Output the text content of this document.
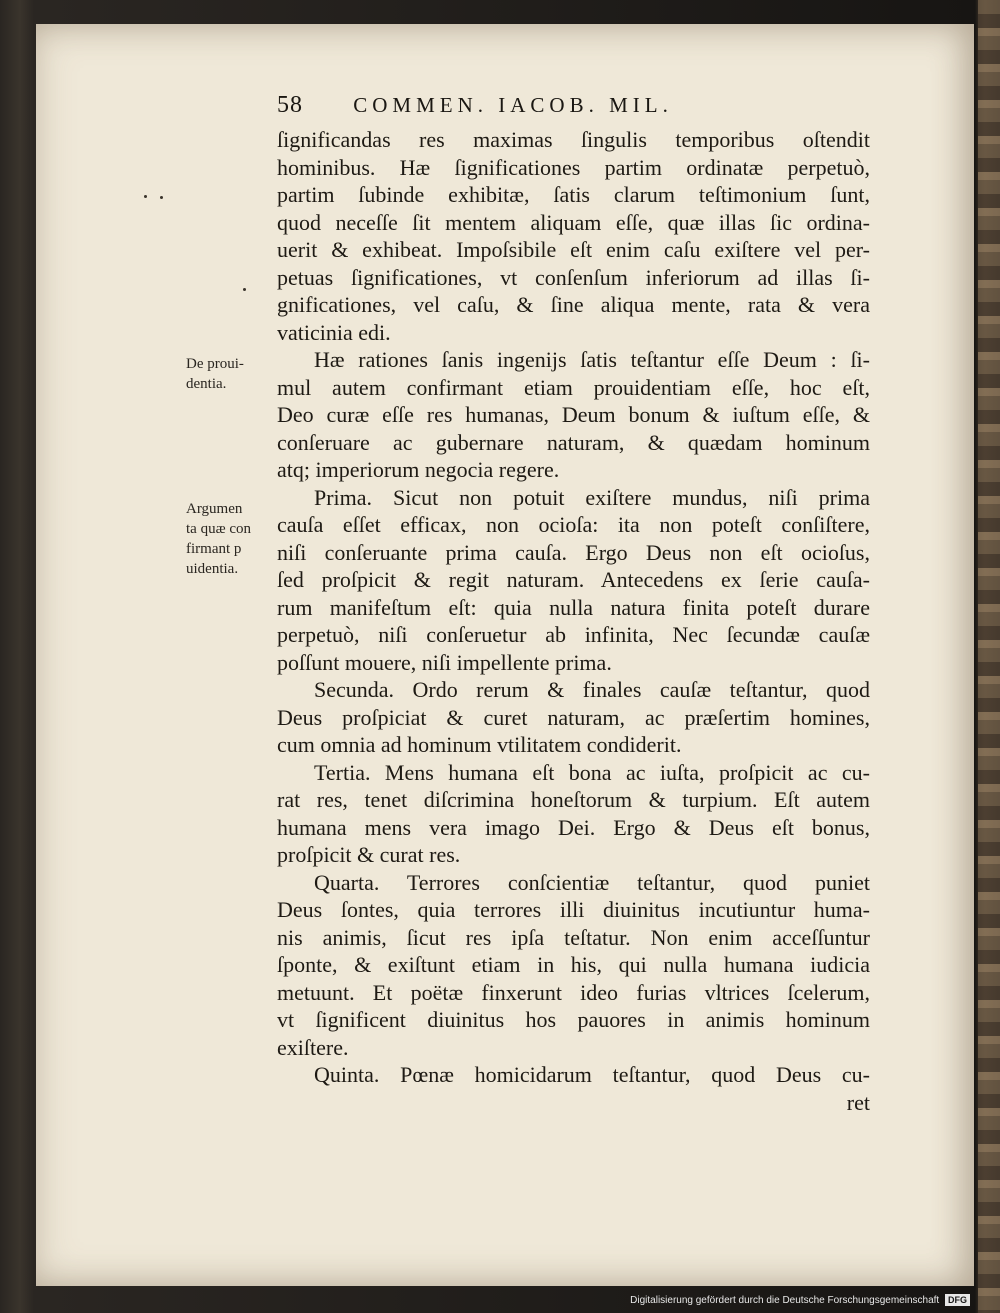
58 COMMEN. IACOB. MIL.
De proui-
dentia.
Argumen
ta quæ con
firmant p
uidentia.
ſignificandas res maximas ſingulis temporibus oſtendit
hominibus. Hæ ſignificationes partim ordinatæ perpetuò,
partim ſubinde exhibitæ, ſatis clarum teſtimonium ſunt,
quod neceſſe ſit mentem aliquam eſſe, quæ illas ſic ordina-
uerit & exhibeat. Impoſsibile eſt enim caſu exiſtere vel per-
petuas ſignificationes, vt conſenſum inferiorum ad illas ſi-
gnificationes, vel caſu, & ſine aliqua mente, rata & vera
vaticinia edi.
Hæ rationes ſanis ingenijs ſatis teſtantur eſſe Deum : ſi-
mul autem confirmant etiam prouidentiam eſſe, hoc eſt,
Deo curæ eſſe res humanas, Deum bonum & iuſtum eſſe, &
conſeruare ac gubernare naturam, & quædam hominum
atq; imperiorum negocia regere.
Prima. Sicut non potuit exiſtere mundus, niſi prima
cauſa eſſet efficax, non ocioſa: ita non poteſt conſiſtere,
niſi conſeruante prima cauſa. Ergo Deus non eſt ocioſus,
ſed proſpicit & regit naturam. Antecedens ex ſerie cauſa-
rum manifeſtum eſt: quia nulla natura finita poteſt durare
perpetuò, niſi conſeruetur ab infinita, Nec ſecundæ cauſæ
poſſunt mouere, niſi impellente prima.
Secunda. Ordo rerum & finales cauſæ teſtantur, quod
Deus proſpiciat & curet naturam, ac præſertim homines,
cum omnia ad hominum vtilitatem condiderit.
Tertia. Mens humana eſt bona ac iuſta, proſpicit ac cu-
rat res, tenet diſcrimina honeſtorum & turpium. Eſt autem
humana mens vera imago Dei. Ergo & Deus eſt bonus,
proſpicit & curat res.
Quarta. Terrores conſcientiæ teſtantur, quod puniet
Deus ſontes, quia terrores illi diuinitus incutiuntur huma-
nis animis, ſicut res ipſa teſtatur. Non enim acceſſuntur
ſponte, & exiſtunt etiam in his, qui nulla humana iudicia
metuunt. Et poëtæ finxerunt ideo furias vltrices ſcelerum,
vt ſignificent diuinitus hos pauores in animis hominum
exiſtere.
Quinta. Pœnæ homicidarum teſtantur, quod Deus cu-
ret
Digitalisierung gefördert durch die Deutsche Forschungsgemeinschaft DFG
